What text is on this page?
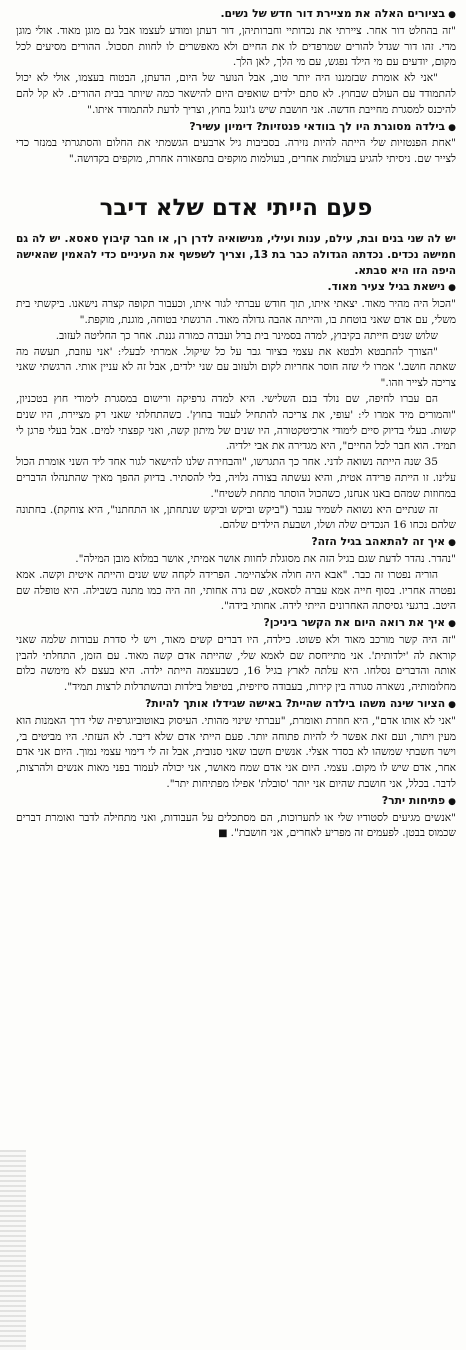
●בציורים האלה את מציירת דור חדש של נשים.

"זה בהחלט דור אחר. ציירתי את נכדותיי וחברותיהן, דור דעתן ומודע לעצמו אבל גם מוגן מאוד. אולי מוגן מדי. זהו דור שגדל להורים שמרפדים לו את החיים ולא מאפשרים לו לחוות תסכול. ההורים מסיעים לכל מקום, יודעים עם מי הילד נפגש, עם מי הלך, לאן הלך.

"אני לא אומרת שבזמננו היה יותר טוב, אבל הנוער של היום, הדעתן, הבטוח בעצמו, אולי לא יכול להתמודד עם העולם שבחוץ. לא סתם ילדים שואפים היום להישאר כמה שיותר בבית ההורים. לא קל להם להיכנס למסגרת מחייבת חדשה. אני חושבת שיש ג'ונגל בחוץ, וצריך לדעת להתמודד איתו."

●בילדה מסוגרת היו לך בוודאי פנטזיות? דימיון עשיר?

"אחת הפנטזיות שלי הייתה להיות נזירה. בסביבות גיל ארבעים הגשמתי את החלום והסתגרתי במנזר כדי לצייר שם. ניסיתי להגיע בעולמות אחרים, בעולמות מוקפים בתפאורה אחרת, מוקפים בקדושה."

פעם הייתי אדם שלא דיבר

יש לה שני בנים ובת, עילם, ענות ועילי, מנישואיה לדרן רן, או חבר קיבוץ סאסא. יש לה גם חמישה נכדים. נכדתה הגדולה כבר בת 13, וצריך לשפשף את העיניים כדי להאמין שהאישה היפה הזו היא סבתא.

●נישאת בגיל צעיר מאוד.

"הכול היה מהיר מאוד. יצאתי איתו, תוך חודש עברתי לגור איתו, וכעבור תקופה קצרה נישאנו. ביקשתי בית משלי, עם אדם שאני בוטחת בו, והייתה אהבה גדולה מאוד. הרגשתי בטוחה, מוגנת, מוקפת."

שלוש שנים חייתה בקיבוץ, למדה בסמינר בית ברל ועבדה כמורה גננת. אחר כך החליטה לעזוב.

"הצורך להתבטא ולבטא את עצמי בציור גבר על כל שיקול. אמרתי לבעלי: 'אני עוזבת, תעשה מה שאתה חושב.' אמרו לי שזה חוסר אחריות לקום ולעזוב עם שני ילדים, אבל זה לא עניין אותי. הרגשתי שאני צריכה לצייר וזהו."

הם עברו לחיפה, שם נולד בנם השלישי. היא למדה גרפיקה ורישום במסגרת לימודי חוץ בטכניון, "והמורים מיד אמרו לי: 'עופי, את צריכה להתחיל לעבוד בחוץ'. כשהתחלתי שאני רק מציירת, היו שנים קשות. בעלי בדיוק סיים לימודי ארכיטקטורה, היו שנים של מיתון קשה, ואני קפצתי למים. אבל בעלי פרגן לי תמיד. הוא חבר לכל החיים", היא מגדירה את אבי ילדיה.

35 שנה הייתה נשואה לדני. אחר כך התגרשו, "והבחירה שלנו להישאר לגור אחד ליד השני אומרת הכול עלינו. זו הייתה פרידה אטית, והיא נעשתה בצורה גלויה, בלי להסתיר. בדיוק ההפך מאיך שהתנהלו הדברים במחוזות שמהם באנו אנחנו, כשהכול הוסתר מתחת לשטיח".

זה שנתיים היא נשואה לשמיר עגבר ("ביקש וביקש וביקש שנתחתן, או התחתנו", היא צוחקת). בחתונה שלהם נכחו 16 הנכדים שלה ושלו, ושבעת הילדים שלהם.

●איך זה להתאהב בגיל הזה?

"נהדר. נהדר לדעת שגם בגיל הזה את מסוגלת לחוות אושר אמיתי, אושר במלוא מובן המילה".

הוריה נפטרו זה כבר. "אבא היה חולה אלצהיימר. הפרידה לקחה שש שנים והייתה איטית וקשה. אמא נפטרה אחריו. בסוף חייה אמא עברה לסאסא, שם גרה אחותי, וזה היה כמו מתנה בשבילה. היא טופלה שם היטב. ברגעי גסיסתה האחרונים הייתי לידה. אחותי בידה".

●איך את רואה היום את הקשר ביניכן?

"זה היה קשר מורכב מאוד ולא פשוט. כילדה, היו דברים קשים מאוד, ויש לי סדרת עבודות שלמה שאני קוראת לה 'ילדותית'. אני מתייחסת שם לאמא שלי, שהייתה אדם קשה מאוד. עם הזמן, התחלתי להבין אותה והדברים נסלחו. היא עלתה לארץ בגיל 16, כשבעצמה הייתה ילדה. היא בעצם לא מימשה כלום מחלומותיה, נשארה סגורה בין קירות, בעבודה סיזיפית, בטיפול בילדות ובהשתדלות לרצות תמיד".

●הציור שינה משהו בילדה שהיית? באישה שגידלו אותך להיות?

"אני לא אותו אדם", היא חוזרת ואומרת, "עברתי שינוי מהותי. העיסוק באוטוביוגרפיה שלי דרך האמנות הוא מעין ויתור, ועם זאת אפשר לי להיות פתוחה יותר. פעם הייתי אדם שלא דיבר. לא העזתי. היו מביטים בי, וישר חשבתי שמשהו לא בסדר אצלי. אנשים חשבו שאני סנובית, אבל זה לי דימוי עצמי נמוך. היום אני אדם אחר, אדם שיש לו מקום. עצמי. היום אני אדם שמח מאושר, אני יכולה לעמוד בפני מאות אנשים ולהרצות, לדבר. בכלל, אני חושבת שהיום אני יותר 'סובלת' אפילו מפתיחות יתר".

●פתיחות יתר?

"אנשים מגיעים לסטודיו שלי או לתערוכות, הם מסתכלים על העבודות, ואני מתחילה לדבר ואומרת דברים שכמוס בבטן. לפעמים זה מפריע לאחרים, אני חושבת".■
